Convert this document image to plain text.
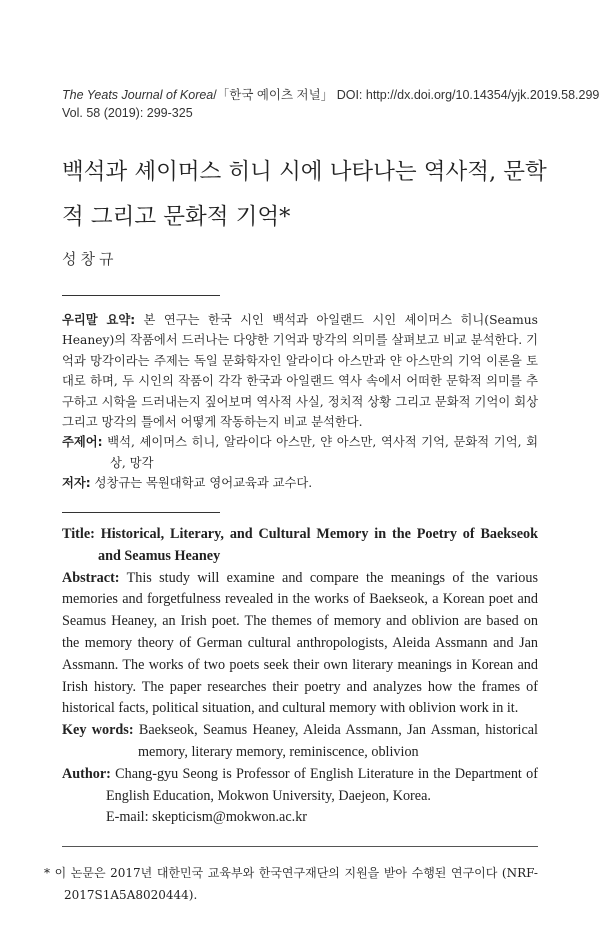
The Yeats Journal of Korea/「한국 예이츠 저널」 DOI: http://dx.doi.org/10.14354/yjk.2019.58.299
Vol. 58 (2019): 299-325
백석과 셰이머스 히니 시에 나타나는 역사적, 문학적 그리고 문화적 기억*
성창규

우리말 요약: 본 연구는 한국 시인 백석과 아일랜드 시인 셰이머스 히니(Seamus Heaney)의 작품에서 드러나는 다양한 기억과 망각의 의미를 살펴보고 비교 분석한다. 기억과 망각이라는 주제는 독일 문화학자인 알라이다 아스만과 얀 아스만의 기억 이론을 토대로 하며, 두 시인의 작품이 각각 한국과 아일랜드 역사 속에서 어떠한 문학적 의미를 추구하고 시학을 드러내는지 짚어보며 역사적 사실, 정치적 상황 그리고 문화적 기억이 회상 그리고 망각의 틀에서 어떻게 작동하는지 비교 분석한다.

주제어: 백석, 셰이머스 히니, 알라이다 아스만, 얀 아스만, 역사적 기억, 문화적 기억, 회상, 망각

저자: 성창규는 목원대학교 영어교육과 교수다.

Title: Historical, Literary, and Cultural Memory in the Poetry of Baekseok and Seamus Heaney

Abstract: This study will examine and compare the meanings of the various memories and forgetfulness revealed in the works of Baekseok, a Korean poet and Seamus Heaney, an Irish poet. The themes of memory and oblivion are based on the memory theory of German cultural anthropologists, Aleida Assmann and Jan Assmann. The works of two poets seek their own literary meanings in Korean and Irish history. The paper researches their poetry and analyzes how the frames of historical facts, political situation, and cultural memory with oblivion work in it.

Key words: Baekseok, Seamus Heaney, Aleida Assmann, Jan Assman, historical memory, literary memory, reminiscence, oblivion

Author: Chang-gyu Seong is Professor of English Literature in the Department of English Education, Mokwon University, Daejeon, Korea.

E-mail: skepticism@mokwon.ac.kr

* 이 논문은 2017년 대한민국 교육부와 한국연구재단의 지원을 받아 수행된 연구이다 (NRF-2017S1A5A8020444).
